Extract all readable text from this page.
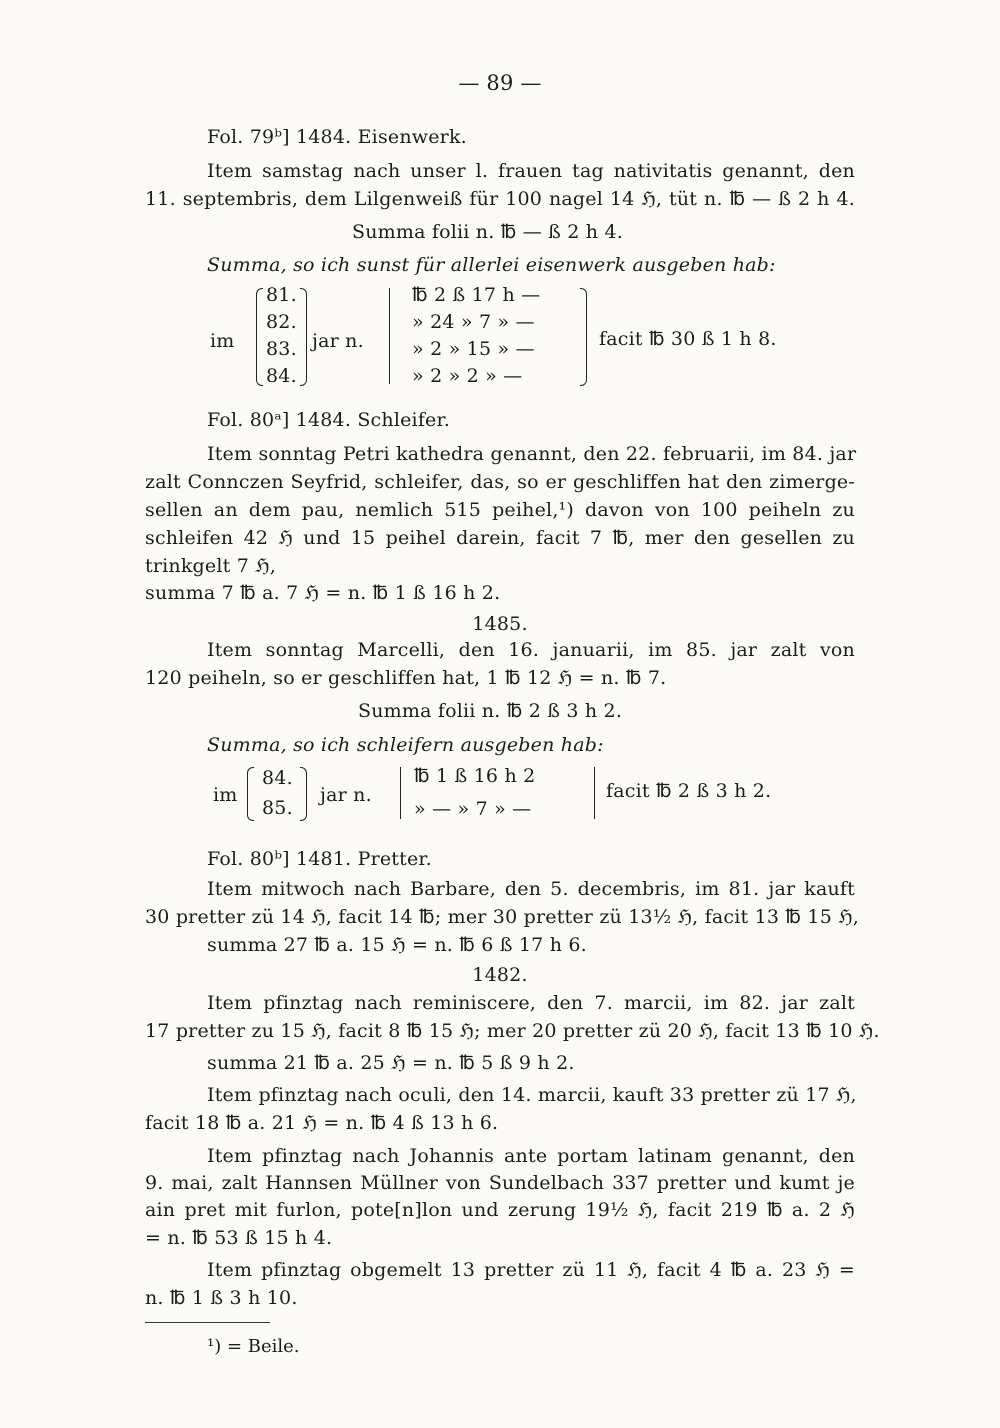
— 89 —
Fol. 79ᵇ] 1484. Eisenwerk.
Item samstag nach unser l. frauen tag nativitatis genannt, den
11. septembris, dem Lilgenweiß für 100 nagel 14 ℌ, tüt n. ℔ — ß 2 h 4.
Summa folii n. ℔ — ß 2 h 4.
Summa, so ich sunst für allerlei eisenwerk ausgeben hab:
im
81.
82.
83.
84.
jar n.
℔ 2 ß 17 h —
» 24 » 7 » —
» 2 » 15 » —
» 2 » 2 » —
facit ℔ 30 ß 1 h 8.
Fol. 80ᵃ] 1484. Schleifer.
Item sonntag Petri kathedra genannt, den 22. februarii, im 84. jar
zalt Connczen Seyfrid, schleifer, das, so er geschliffen hat den zimerge-
sellen an dem pau, nemlich 515 peihel,¹) davon von 100 peiheln zu
schleifen 42 ℌ und 15 peihel darein, facit 7 ℔, mer den gesellen zu
trinkgelt 7 ℌ,
summa 7 ℔ a. 7 ℌ = n. ℔ 1 ß 16 h 2.
1485.
Item sonntag Marcelli, den 16. januarii, im 85. jar zalt von
120 peiheln, so er geschliffen hat, 1 ℔ 12 ℌ = n. ℔ 7.
Summa folii n. ℔ 2 ß 3 h 2.
Summa, so ich schleifern ausgeben hab:
im
84.
85.
jar n.
℔ 1 ß 16 h 2
» — » 7 » —
facit ℔ 2 ß 3 h 2.
Fol. 80ᵇ] 1481. Pretter.
Item mitwoch nach Barbare, den 5. decembris, im 81. jar kauft
30 pretter zü 14 ℌ, facit 14 ℔; mer 30 pretter zü 13½ ℌ, facit 13 ℔ 15 ℌ,
summa 27 ℔ a. 15 ℌ = n. ℔ 6 ß 17 h 6.
1482.
Item pfinztag nach reminiscere, den 7. marcii, im 82. jar zalt
17 pretter zu 15 ℌ, facit 8 ℔ 15 ℌ; mer 20 pretter zü 20 ℌ, facit 13 ℔ 10 ℌ.
summa 21 ℔ a. 25 ℌ = n. ℔ 5 ß 9 h 2.
Item pfinztag nach oculi, den 14. marcii, kauft 33 pretter zü 17 ℌ,
facit 18 ℔ a. 21 ℌ = n. ℔ 4 ß 13 h 6.
Item pfinztag nach Johannis ante portam latinam genannt, den
9. mai, zalt Hannsen Müllner von Sundelbach 337 pretter und kumt je
ain pret mit furlon, pote[n]lon und zerung 19½ ℌ, facit 219 ℔ a. 2 ℌ
= n. ℔ 53 ß 15 h 4.
Item pfinztag obgemelt 13 pretter zü 11 ℌ, facit 4 ℔ a. 23 ℌ =
n. ℔ 1 ß 3 h 10.
¹) = Beile.
